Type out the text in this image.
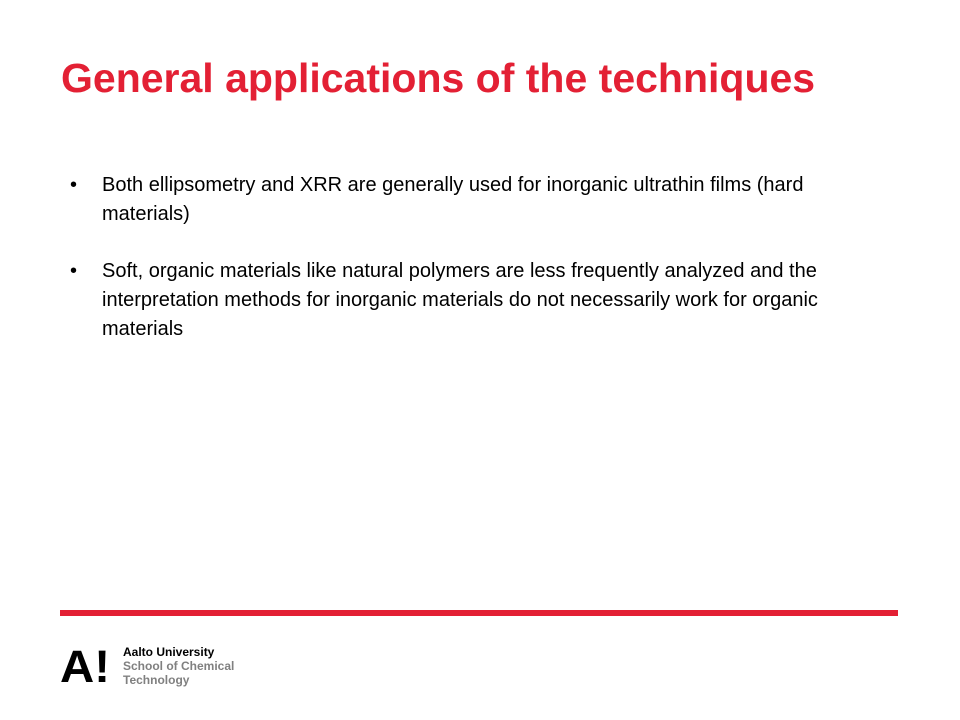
General applications of the techniques
• Both ellipsometry and XRR are generally used for inorganic ultrathin films (hard materials)
• Soft, organic materials like natural polymers are less frequently analyzed and the interpretation methods for inorganic materials do not necessarily work for organic materials
A! Aalto University
School of Chemical
Technology
